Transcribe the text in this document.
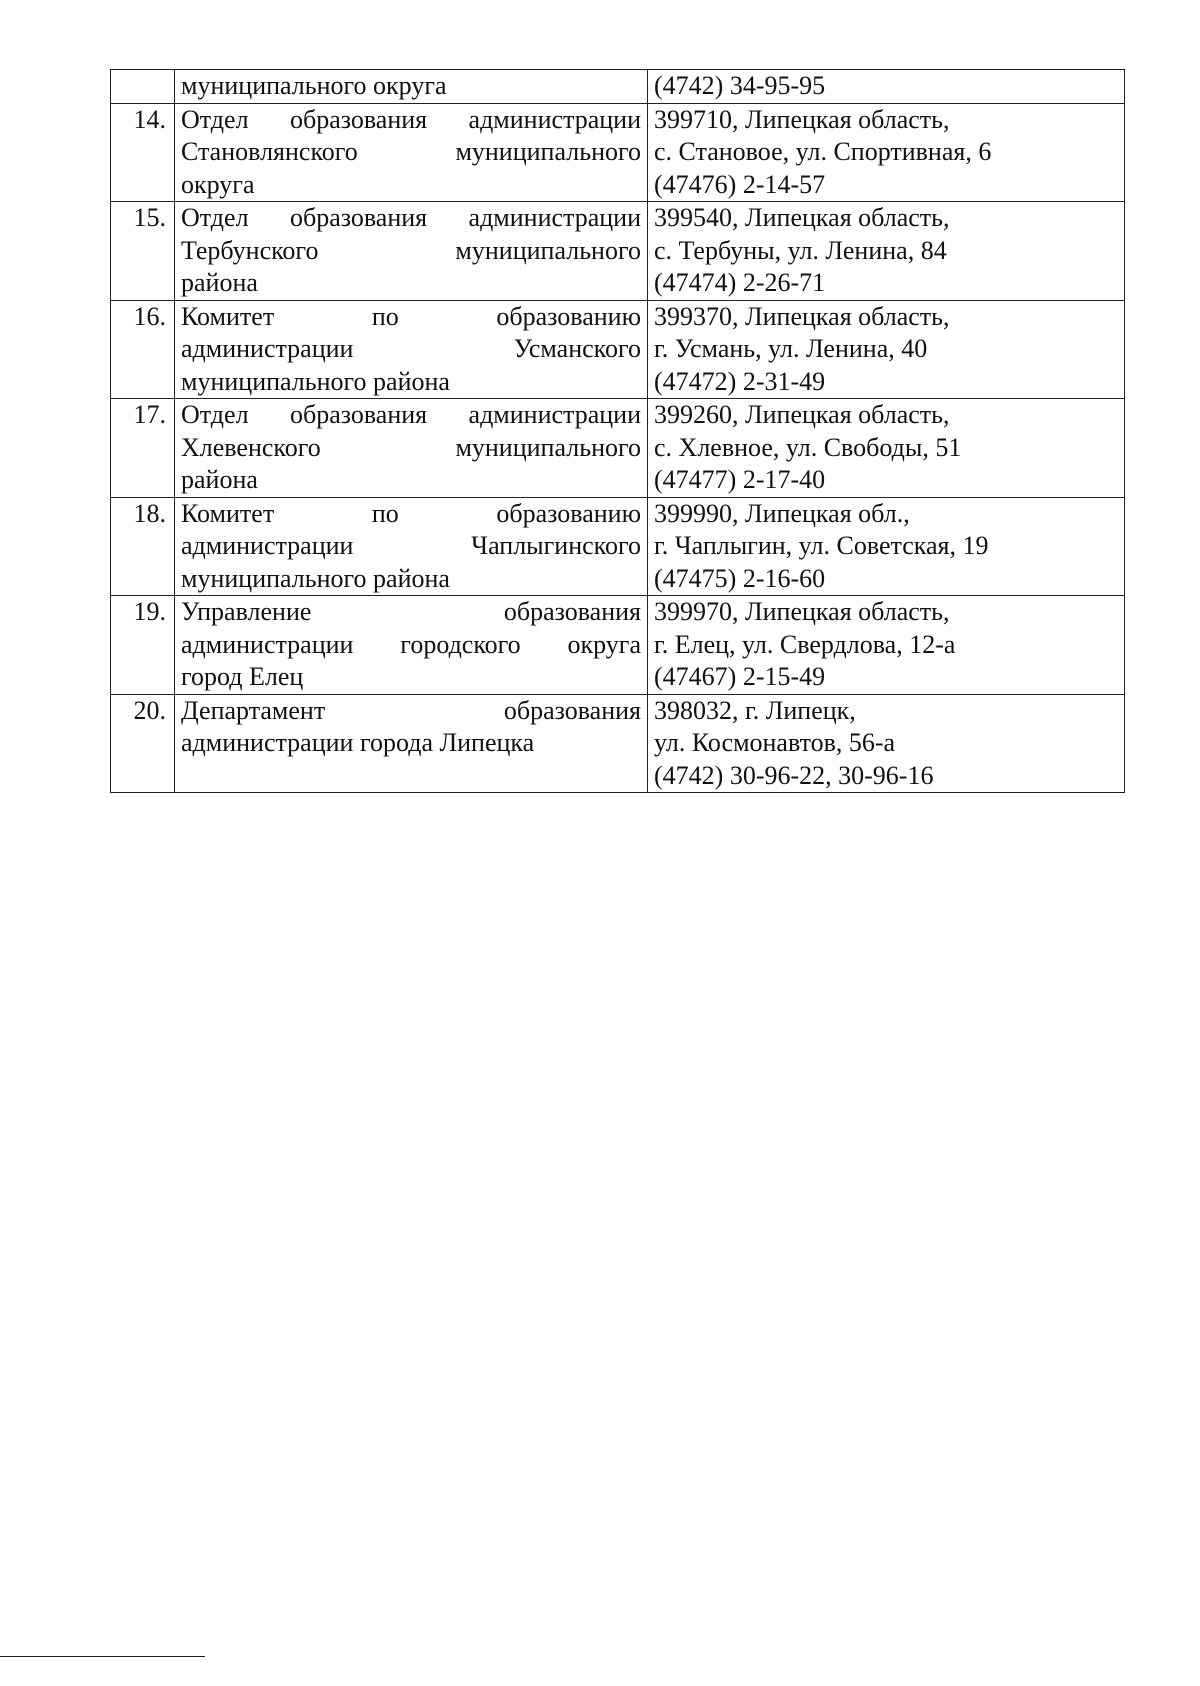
	муниципального округа	(4742) 34-95-95

14.	Отдел образования администрации
Становлянского муниципального
округа	399710, Липецкая область,
с. Становое, ул. Спортивная, 6
(47476) 2-14-57

15.	Отдел образования администрации
Тербунского муниципального
района	399540, Липецкая область,
с. Тербуны, ул. Ленина, 84
(47474) 2-26-71

16.	Комитет по образованию
администрации Усманского
муниципального района	399370, Липецкая область,
г. Усмань, ул. Ленина, 40
(47472) 2-31-49

17.	Отдел образования администрации
Хлевенского муниципального
района	399260, Липецкая область,
с. Хлевное, ул. Свободы, 51
(47477) 2-17-40

18.	Комитет по образованию
администрации Чаплыгинского
муниципального района	399990, Липецкая обл.,
г. Чаплыгин, ул. Советская, 19
(47475) 2-16-60

19.	Управление образования
администрации городского округа
город Елец	399970, Липецкая область,
г. Елец, ул. Свердлова, 12-а
(47467) 2-15-49

20.	Департамент образования
администрации города Липецка	398032, г. Липецк,
ул. Космонавтов, 56-а
(4742) 30-96-22, 30-96-16
